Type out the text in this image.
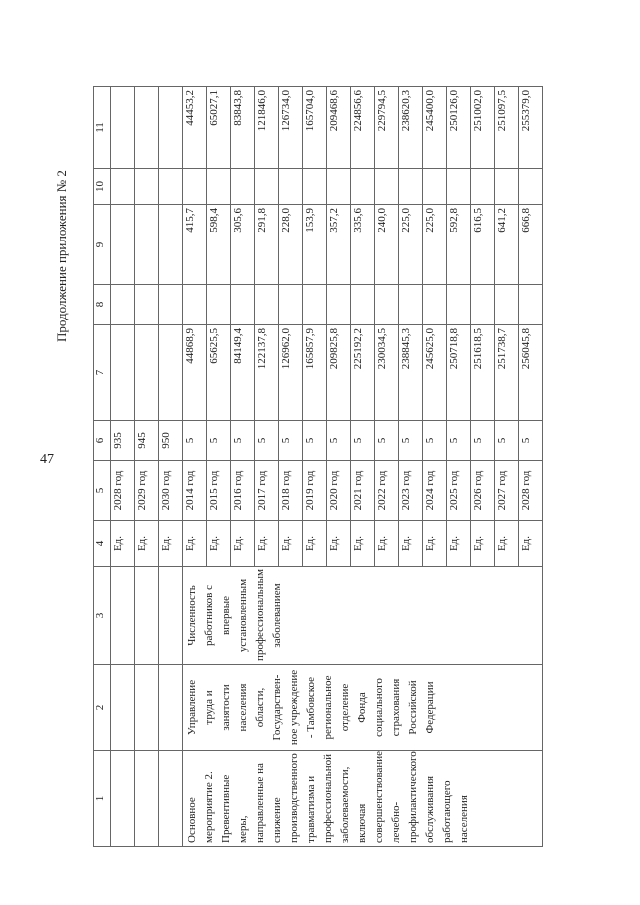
47
Продолжение приложения № 2
1	2	3	4	5	6	7	8	9	10	11
			Ед.	2028 год	935					
			Ед.	2029 год	945					
			Ед.	2030 год	950					
Основное мероприятие 2. Превентивные меры, направленные на снижение производственного травматизма и профессиональной заболеваемости, включая совершенствование лечебно-профилактического обслуживания работающего населения	Управление труда и занятости населения области, Государствен-ное учреждение - Тамбовское региональное отделение Фонда социального страхования Российской Федерации	Численность работников с впервые установленным профессиональным заболеванием	Ед.	2014 год	5	44868,9		415,7		44453,2
			Ед.	2015 год	5	65625,5		598,4		65027,1
			Ед.	2016 год	5	84149,4		305,6		83843,8
			Ед.	2017 год	5	122137,8		291,8		121846,0
			Ед.	2018 год	5	126962,0		228,0		126734,0
			Ед.	2019 год	5	165857,9		153,9		165704,0
			Ед.	2020 год	5	209825,8		357,2		209468,6
			Ед.	2021 год	5	225192,2		335,6		224856,6
			Ед.	2022 год	5	230034,5		240,0		229794,5
			Ед.	2023 год	5	238845,3		225,0		238620,3
			Ед.	2024 год	5	245625,0		225,0		245400,0
			Ед.	2025 год	5	250718,8		592,8		250126,0
			Ед.	2026 год	5	251618,5		616,5		251002,0
			Ед.	2027 год	5	251738,7		641,2		251097,5
			Ед.	2028 год	5	256045,8		666,8		255379,0
